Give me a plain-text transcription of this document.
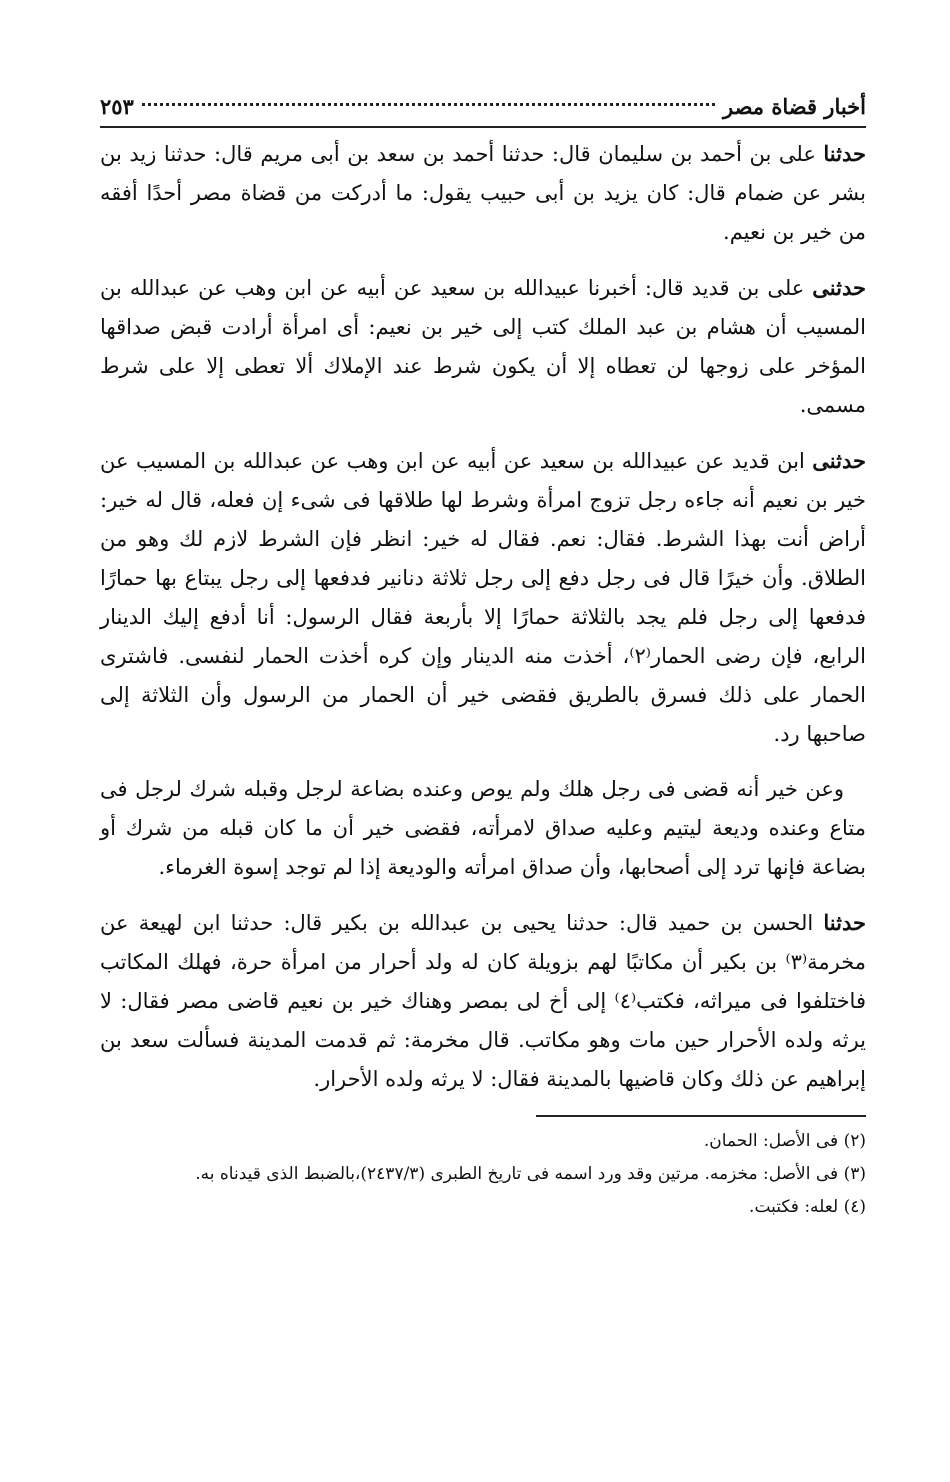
أخبار قضاة مصر
٢٥٣

حدثنا على بن أحمد بن سليمان قال: حدثنا أحمد بن سعد بن أبى مريم قال: حدثنا زيد بن بشر عن ضمام قال: كان يزيد بن أبى حبيب يقول: ما أدركت من قضاة مصر أحدًا أفقه من خير بن نعيم.

حدثنى على بن قديد قال: أخبرنا عبيدالله بن سعيد عن أبيه عن ابن وهب عن عبدالله بن المسيب أن هشام بن عبد الملك كتب إلى خير بن نعيم: أى امرأة أرادت قبض صداقها المؤخر على زوجها لن تعطاه إلا أن يكون شرط عند الإملاك ألا تعطى إلا على شرط مسمى.

حدثنى ابن قديد عن عبيدالله بن سعيد عن أبيه عن ابن وهب عن عبدالله بن المسيب عن خير بن نعيم أنه جاءه رجل تزوج امرأة وشرط لها طلاقها فى شىء إن فعله، قال له خير: أراض أنت بهذا الشرط. فقال: نعم. فقال له خير: انظر فإن الشرط لازم لك وهو من الطلاق. وأن خيرًا قال فى رجل دفع إلى رجل ثلاثة دنانير فدفعها إلى رجل يبتاع بها حمارًا فدفعها إلى رجل فلم يجد بالثلاثة حمارًا إلا بأربعة فقال الرسول: أنا أدفع إليك الدينار الرابع، فإن رضى الحمار⁽٢⁾، أخذت منه الدينار وإن كره أخذت الحمار لنفسى. فاشترى الحمار على ذلك فسرق بالطريق فقضى خير أن الحمار من الرسول وأن الثلاثة إلى صاحبها رد.

وعن خير أنه قضى فى رجل هلك ولم يوص وعنده بضاعة لرجل وقبله شرك لرجل فى متاع وعنده وديعة ليتيم وعليه صداق لامرأته، فقضى خير أن ما كان قبله من شرك أو بضاعة فإنها ترد إلى أصحابها، وأن صداق امرأته والوديعة إذا لم توجد إسوة الغرماء.

حدثنا الحسن بن حميد قال: حدثنا يحيى بن عبدالله بن بكير قال: حدثنا ابن لهيعة عن مخرمة⁽٣⁾ بن بكير أن مكاتبًا لهم بزويلة كان له ولد أحرار من امرأة حرة، فهلك المكاتب فاختلفوا فى ميراثه، فكتب⁽٤⁾ إلى أخ لى بمصر وهناك خير بن نعيم قاضى مصر فقال: لا يرثه ولده الأحرار حين مات وهو مكاتب. قال مخرمة: ثم قدمت المدينة فسألت سعد بن إبراهيم عن ذلك وكان قاضيها بالمدينة فقال: لا يرثه ولده الأحرار.

(٢) فى الأصل: الحمان.

(٣) فى الأصل: مخزمه. مرتين وقد ورد اسمه فى تاريخ الطبرى (٢٤٣٧/٣)،بالضبط الذى قيدناه به.

(٤) لعله: فكتبت.
